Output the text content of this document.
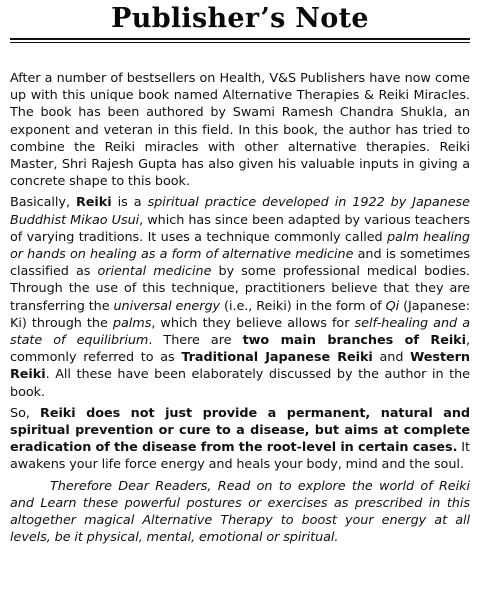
Publisher’s Note

After a number of bestsellers on Health, V&S Publishers have now come up with this unique book named Alternative Therapies & Reiki Miracles. The book has been authored by Swami Ramesh Chandra Shukla, an exponent and veteran in this field. In this book, the author has tried to combine the Reiki miracles with other alternative therapies. Reiki Master, Shri Rajesh Gupta has also given his valuable inputs in giving a concrete shape to this book.

Basically, Reiki is a spiritual practice developed in 1922 by Japanese Buddhist Mikao Usui, which has since been adapted by various teachers of varying traditions. It uses a technique commonly called palm healing or hands on healing as a form of alternative medicine and is sometimes classified as oriental medicine by some professional medical bodies. Through the use of this technique, practitioners believe that they are transferring the universal energy (i.e., Reiki) in the form of Qi (Japanese: Ki) through the palms, which they believe allows for self-healing and a state of equilibrium. There are two main branches of Reiki, commonly referred to as Traditional Japanese Reiki and Western Reiki. All these have been elaborately discussed by the author in the book.

So, Reiki does not just provide a permanent, natural and spiritual prevention or cure to a disease, but aims at complete eradication of the disease from the root-level in certain cases. It awakens your life force energy and heals your body, mind and the soul.

Therefore Dear Readers, Read on to explore the world of Reiki and Learn these powerful postures or exercises as prescribed in this altogether magical Alternative Therapy to boost your energy at all levels, be it physical, mental, emotional or spiritual.
